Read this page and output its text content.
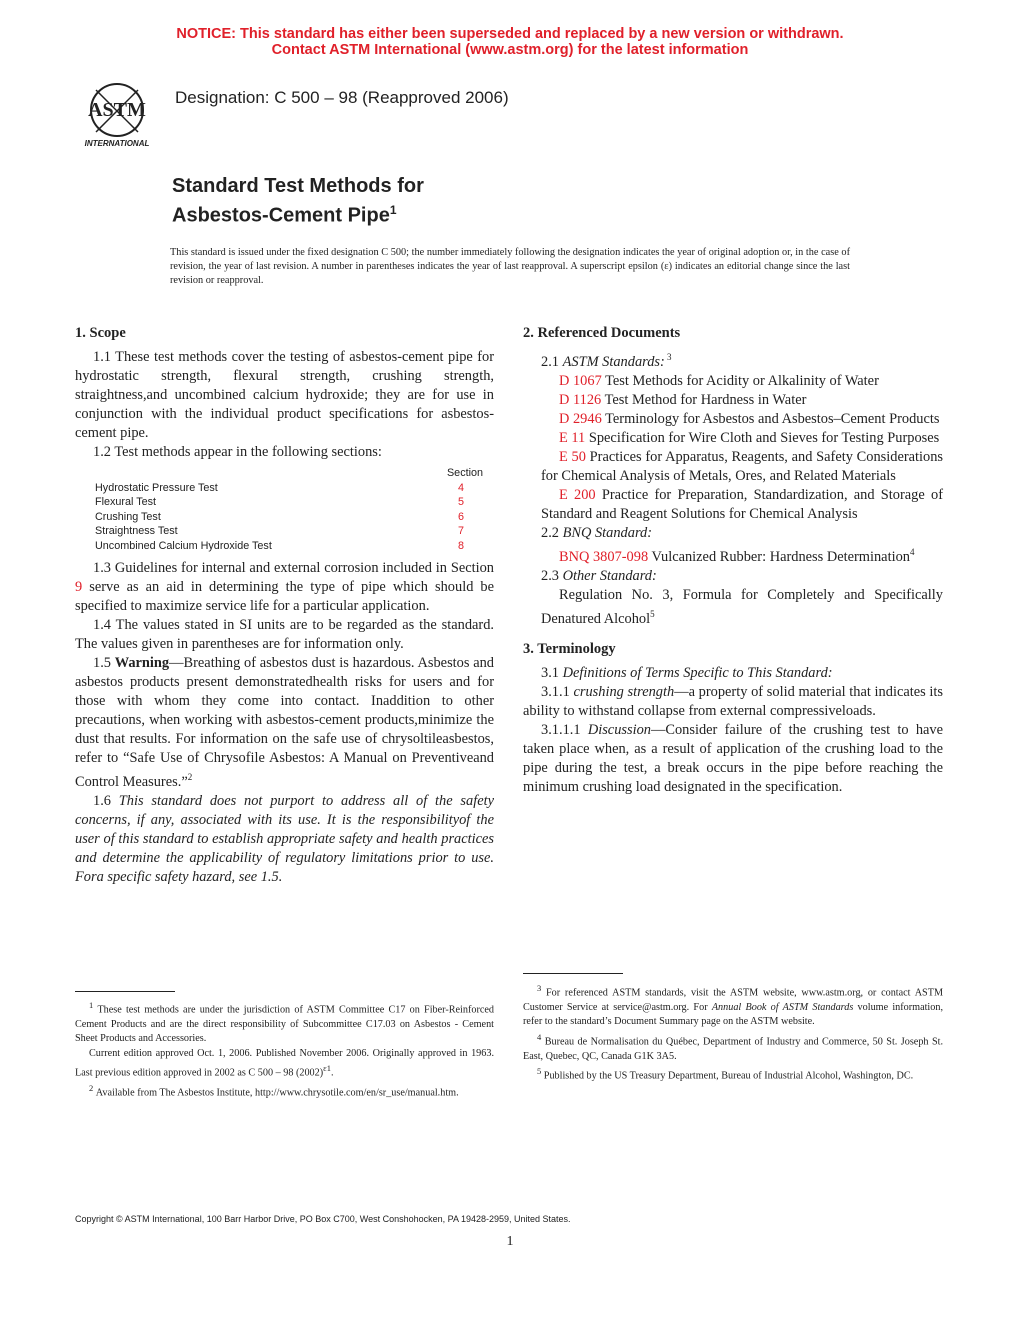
NOTICE: This standard has either been superseded and replaced by a new version or withdrawn.
Contact ASTM International (www.astm.org) for the latest information
ASTM
INTERNATIONAL
Designation: C 500 – 98 (Reapproved 2006)
Standard Test Methods for
Asbestos-Cement Pipe$^1$
This standard is issued under the fixed designation C 500; the number immediately following the designation indicates the year of original adoption or, in the case of revision, the year of last revision. A number in parentheses indicates the year of last reapproval. A superscript epsilon (ε) indicates an editorial change since the last revision or reapproval.

1. Scope

1.1 These test methods cover the testing of asbestos-cement pipe for hydrostatic strength, flexural strength, crushing strength, straightness,and uncombined calcium hydroxide; they are for use in conjunction with the individual product specifications for asbestos-cement pipe.

1.2 Test methods appear in the following sections:

Section
Hydrostatic Pressure Test	4
Flexural Test	5
Crushing Test	6
Straightness Test	7
Uncombined Calcium Hydroxide Test	8

1.3 Guidelines for internal and external corrosion included in Section 9 serve as an aid in determining the type of pipe which should be specified to maximize service life for a particular application.

1.4 The values stated in SI units are to be regarded as the standard. The values given in parentheses are for information only.

1.5 Warning—Breathing of asbestos dust is hazardous. Asbestos and asbestos products present demonstratedhealth risks for users and for those with whom they come into contact. Inaddition to other precautions, when working with asbestos-cement products,minimize the dust that results. For information on the safe use of chrysoltileasbestos, refer to “Safe Use of Chrysofile Asbestos: A Manual on Preventiveand Control Measures.”$^2$

1.6 This standard does not purport to address all of the safety concerns, if any, associated with its use. It is the responsibilityof the user of this standard to establish appropriate safety and health practices and determine the applicability of regulatory limitations prior to use. Fora specific safety hazard, see 1.5.

$^1$ These test methods are under the jurisdiction of ASTM Committee C17 on Fiber-Reinforced Cement Products and are the direct responsibility of Subcommittee C17.03 on Asbestos - Cement Sheet Products and Accessories.

Current edition approved Oct. 1, 2006. Published November 2006. Originally approved in 1963. Last previous edition approved in 2002 as C 500 – 98 $(2002)^{\varepsilon 1}$.

$^2$ Available from The Asbestos Institute, http://www.chrysotile.com/en/sr_use/manual.htm.

2. Referenced Documents

2.1 ASTM Standards: $^3$

D 1067 Test Methods for Acidity or Alkalinity of Water

D 1126 Test Method for Hardness in Water

D 2946 Terminology for Asbestos and Asbestos–Cement Products

E 11 Specification for Wire Cloth and Sieves for Testing Purposes

E 50 Practices for Apparatus, Reagents, and Safety Considerations for Chemical Analysis of Metals, Ores, and Related Materials

E 200 Practice for Preparation, Standardization, and Storage of Standard and Reagent Solutions for Chemical Analysis

2.2 BNQ Standard:

BNQ 3807-098 Vulcanized Rubber: Hardness Determination$^4$

2.3 Other Standard:

Regulation No. 3, Formula for Completely and Specifically Denatured Alcohol$^5$

3. Terminology

3.1 Definitions of Terms Specific to This Standard:

3.1.1 crushing strength—a property of solid material that indicates its ability to withstand collapse from external compressiveloads.

3.1.1.1 Discussion—Consider failure of the crushing test to have taken place when, as a result of application of the crushing load to the pipe during the test, a break occurs in the pipe before reaching the minimum crushing load designated in the specification.

$^3$ For referenced ASTM standards, visit the ASTM website, www.astm.org, or contact ASTM Customer Service at service@astm.org. For Annual Book of ASTM Standards volume information, refer to the standard’s Document Summary page on the ASTM website.

$^4$ Bureau de Normalisation du Québec, Department of Industry and Commerce, 50 St. Joseph St. East, Quebec, QC, Canada G1K 3A5.

$^5$ Published by the US Treasury Department, Bureau of Industrial Alcohol, Washington, DC.

Copyright © ASTM International, 100 Barr Harbor Drive, PO Box C700, West Conshohocken, PA 19428-2959, United States.
1
